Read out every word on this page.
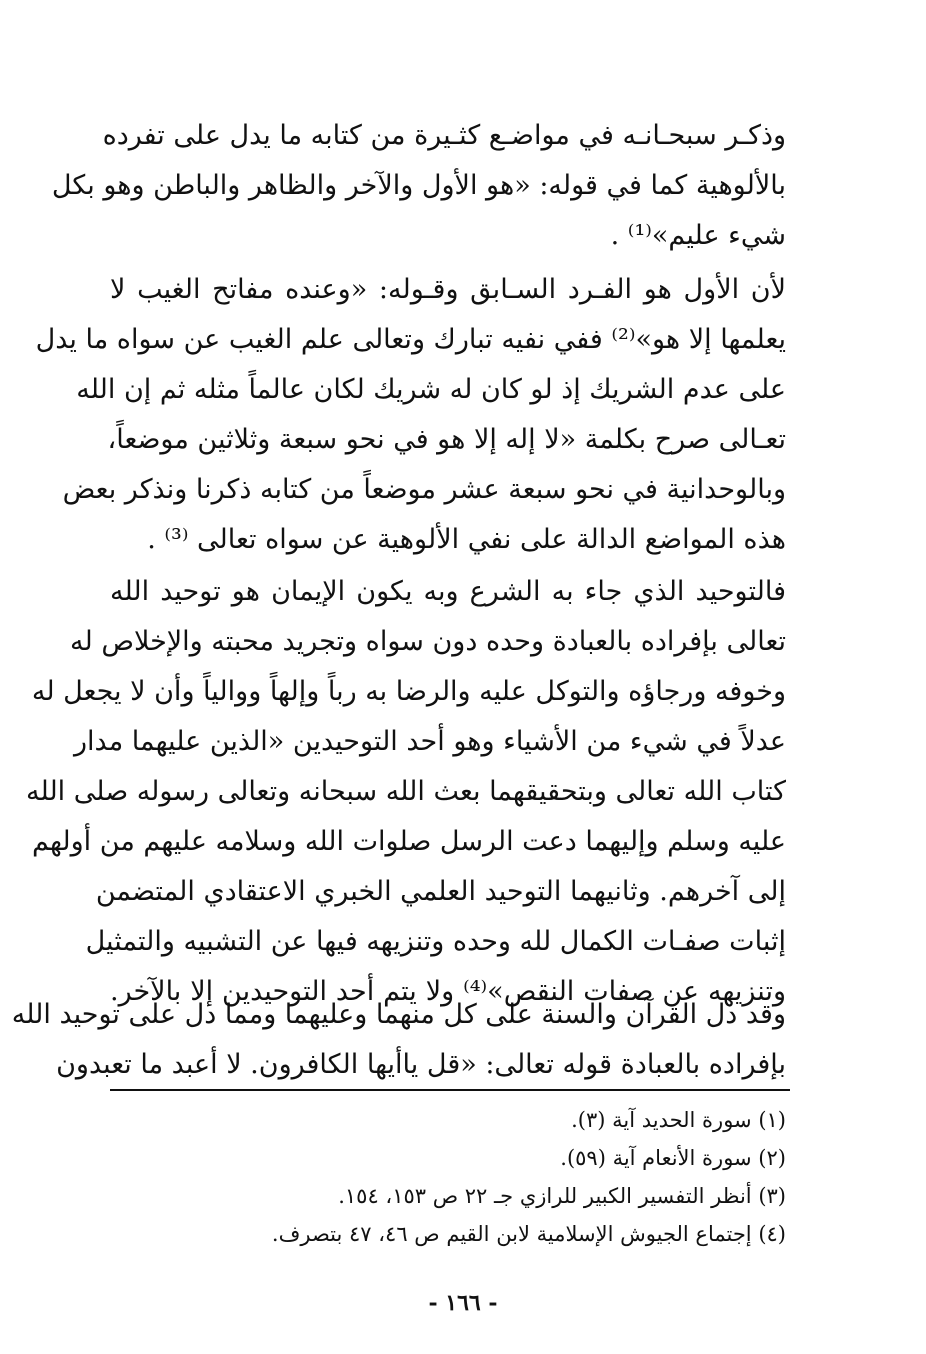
وذكـر سبحـانـه في مواضـع كثـيرة من كتابه ما يدل على تفرده
بالألوهية كما في قوله: «هو الأول والآخر والظاهر والباطن وهو بكل
شيء عليم»⁽¹⁾ .
لأن الأول هو الفـرد السـابق وقـوله: «وعنده مفاتح الغيب لا
يعلمها إلا هو»⁽²⁾ ففي نفيه تبارك وتعالى علم الغيب عن سواه ما يدل
على عدم الشريك إذ لو كان له شريك لكان عالماً مثله ثم إن الله
تعـالى صرح بكلمة «لا إله إلا هو في نحو سبعة وثلاثين موضعاً،
وبالوحدانية في نحو سبعة عشر موضعاً من كتابه ذكرنا ونذكر بعض
هذه المواضع الدالة على نفي الألوهية عن سواه تعالى ⁽³⁾ .
فالتوحيد الذي جاء به الشرع وبه يكون الإيمان هو توحيد الله
تعالى بإفراده بالعبادة وحده دون سواه وتجريد محبته والإخلاص له
وخوفه ورجاؤه والتوكل عليه والرضا به رباً وإلهاً ووالياً وأن لا يجعل له
عدلاً في شيء من الأشياء وهو أحد التوحيدين «الذين عليهما مدار
كتاب الله تعالى وبتحقيقهما بعث الله سبحانه وتعالى رسوله صلى الله
عليه وسلم وإليهما دعت الرسل صلوات الله وسلامه عليهم من أولهم
إلى آخرهم. وثانيهما التوحيد العلمي الخبري الاعتقادي المتضمن
إثبات صفـات الكمال لله وحده وتنزيهه فيها عن التشبيه والتمثيل
وتنزيهه عن صفات النقص»⁽⁴⁾ ولا يتم أحد التوحيدين إلا بالآخر.
وقد دل القرآن والسنة على كل منهما وعليهما ومما دل على توحيد الله
بإفراده بالعبادة قوله تعالى: «قل ياأيها الكافرون. لا أعبد ما تعبدون
(١) سورة الحديد آية (٣).
(٢) سورة الأنعام آية (٥٩).
(٣) أنظر التفسير الكبير للرازي جـ ٢٢ ص ١٥٣، ١٥٤.
(٤) إجتماع الجيوش الإسلامية لابن القيم ص ٤٦، ٤٧ بتصرف.
- ١٦٦ -
